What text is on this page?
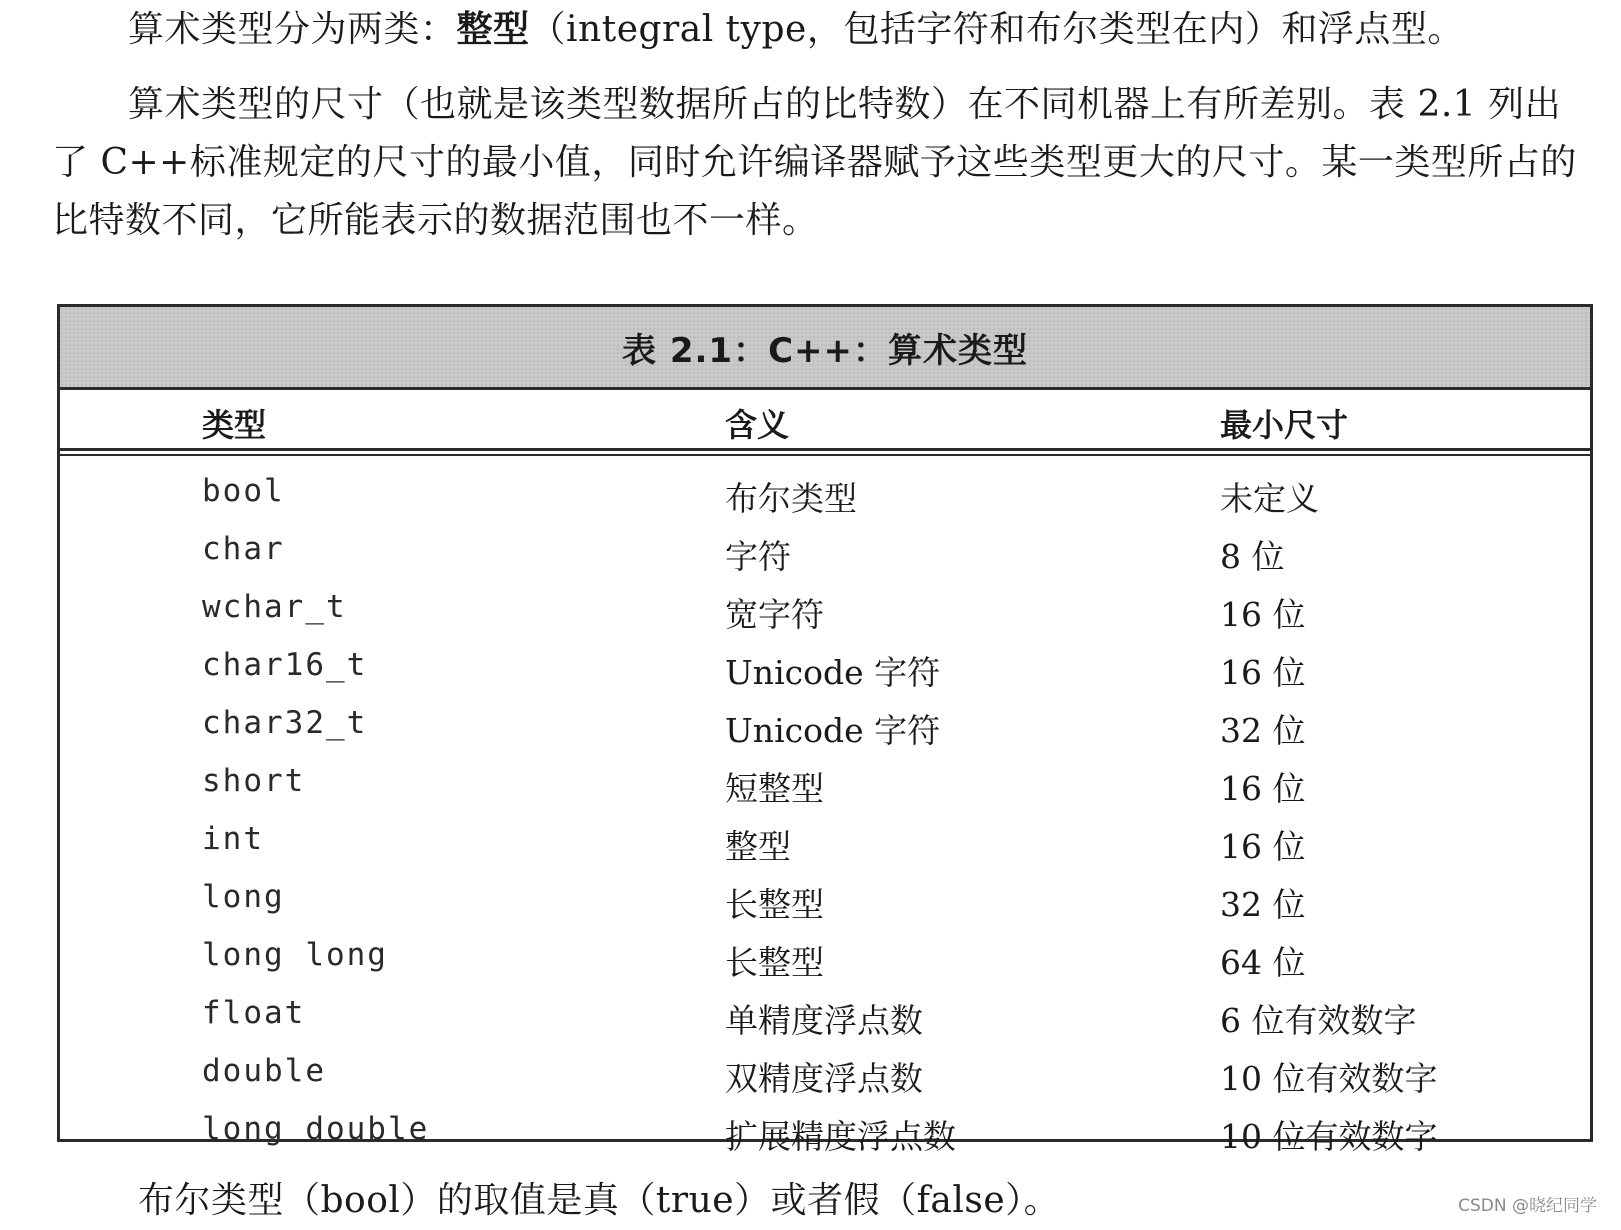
算术类型分为两类：整型（integral type，包括字符和布尔类型在内）和浮点型。

算术类型的尺寸（也就是该类型数据所占的比特数）在不同机器上有所差别。表 2.1 列出了 C++标准规定的尺寸的最小值，同时允许编译器赋予这些类型更大的尺寸。某一类型所占的比特数不同，它所能表示的数据范围也不一样。

表 2.1：C++：算术类型
类型	含义	最小尺寸
bool	布尔类型	未定义
char	字符	8 位
wchar_t	宽字符	16 位
char16_t	Unicode 字符	16 位
char32_t	Unicode 字符	32 位
short	短整型	16 位
int	整型	16 位
long	长整型	32 位
long long	长整型	64 位
float	单精度浮点数	6 位有效数字
double	双精度浮点数	10 位有效数字
long double	扩展精度浮点数	10 位有效数字

布尔类型（bool）的取值是真（true）或者假（false）。	CSDN @晓纪同学
